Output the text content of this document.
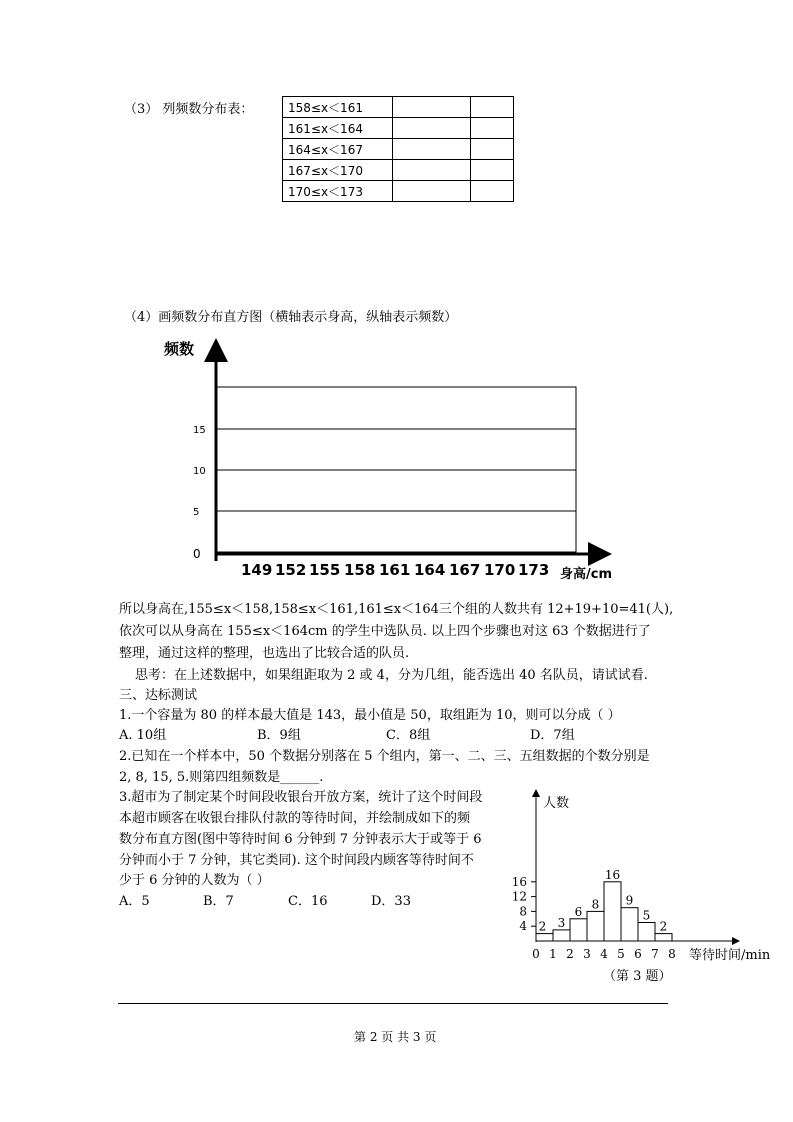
（3） 列频数分布表：	158≤x＜161		
161≤x＜164		
164≤x＜167		
167≤x＜170		
170≤x＜173		
（4）画频数分布直方图（横轴表示身高，纵轴表示频数）
频数
0
5
10
15
149 152 155 158 161 164 167 170 173 身高/cm
所以身高在,155≤x＜158,158≤x＜161,161≤x＜164三个组的人数共有 12+19+10=41(人),
依次可以从身高在 155≤x＜164cm 的学生中选队员. 以上四个步骤也对这 63 个数据进行了
整理，通过这样的整理，也选出了比较合适的队员.
思考：在上述数据中，如果组距取为 2 或 4，分为几组，能否选出 40 名队员，请试试看.
三、达标测试
1.一个容量为 80 的样本最大值是 143，最小值是 50，取组距为 10，则可以分成（ ）
A. 10组	B．9组	C．8组	D．7组
2.已知在一个样本中，50 个数据分别落在 5 个组内，第一、二、三、五组数据的个数分别是
2, 8, 15, 5.则第四组频数是______.
3.超市为了制定某个时间段收银台开放方案，统计了这个时间段
本超市顾客在收银台排队付款的等待时间，并绘制成如下的频
数分布直方图(图中等待时间 6 分钟到 7 分钟表示大于或等于 6
分钟而小于 7 分钟，其它类同). 这个时间段内顾客等待时间不
少于 6 分钟的人数为（ ）
A．5	B．7	C．16	D．33
人数
等待时间/min
（第 3 题）
2 3
6
8
16
9
5
2
0 1 2 3 4 5 6 7 8
4
8
12
16
第 2 页 共 3 页
